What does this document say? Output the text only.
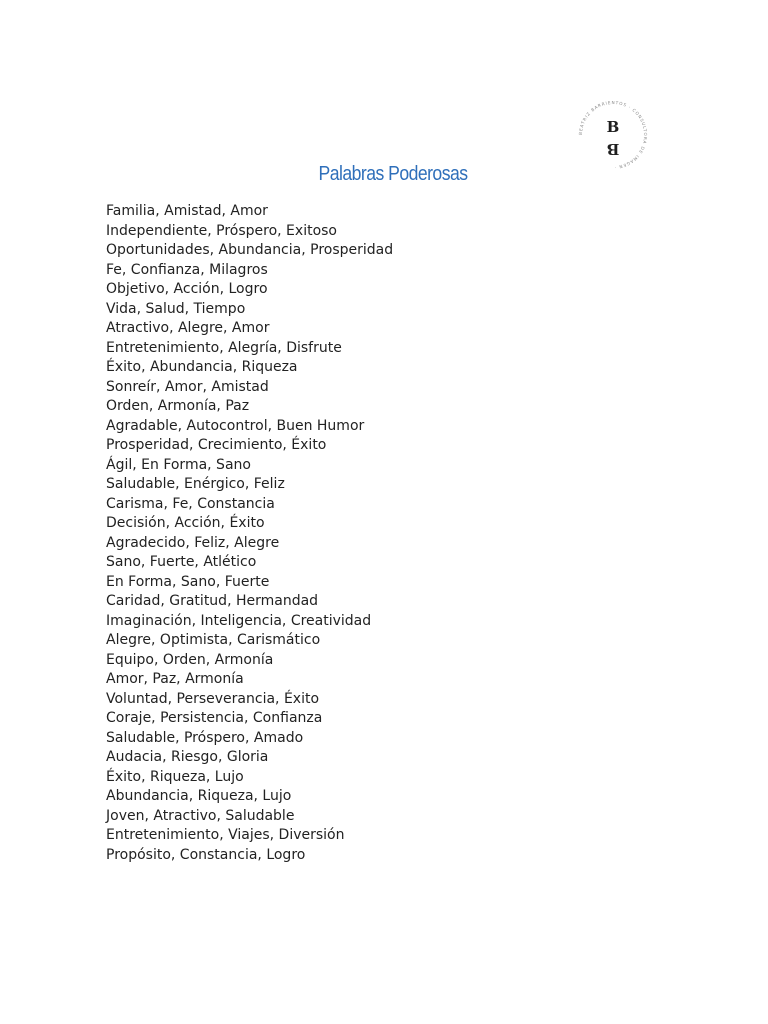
BEATRIZ BARRIENTOS · CONSULTORA DE IMAGEN ·
B
B
Palabras Poderosas
Familia, Amistad, Amor
Independiente, Próspero, Exitoso
Oportunidades, Abundancia, Prosperidad
Fe, Confianza, Milagros
Objetivo, Acción, Logro
Vida, Salud, Tiempo
Atractivo, Alegre, Amor
Entretenimiento, Alegría, Disfrute
Éxito, Abundancia, Riqueza
Sonreír, Amor, Amistad
Orden, Armonía, Paz
Agradable, Autocontrol, Buen Humor
Prosperidad, Crecimiento, Éxito
Ágil, En Forma, Sano
Saludable, Enérgico, Feliz
Carisma, Fe, Constancia
Decisión, Acción, Éxito
Agradecido, Feliz, Alegre
Sano, Fuerte, Atlético
En Forma, Sano, Fuerte
Caridad, Gratitud, Hermandad
Imaginación, Inteligencia, Creatividad
Alegre, Optimista, Carismático
Equipo, Orden, Armonía
Amor, Paz, Armonía
Voluntad, Perseverancia, Éxito
Coraje, Persistencia, Confianza
Saludable, Próspero, Amado
Audacia, Riesgo, Gloria
Éxito, Riqueza, Lujo
Abundancia, Riqueza, Lujo
Joven, Atractivo, Saludable
Entretenimiento, Viajes, Diversión
Propósito, Constancia, Logro
